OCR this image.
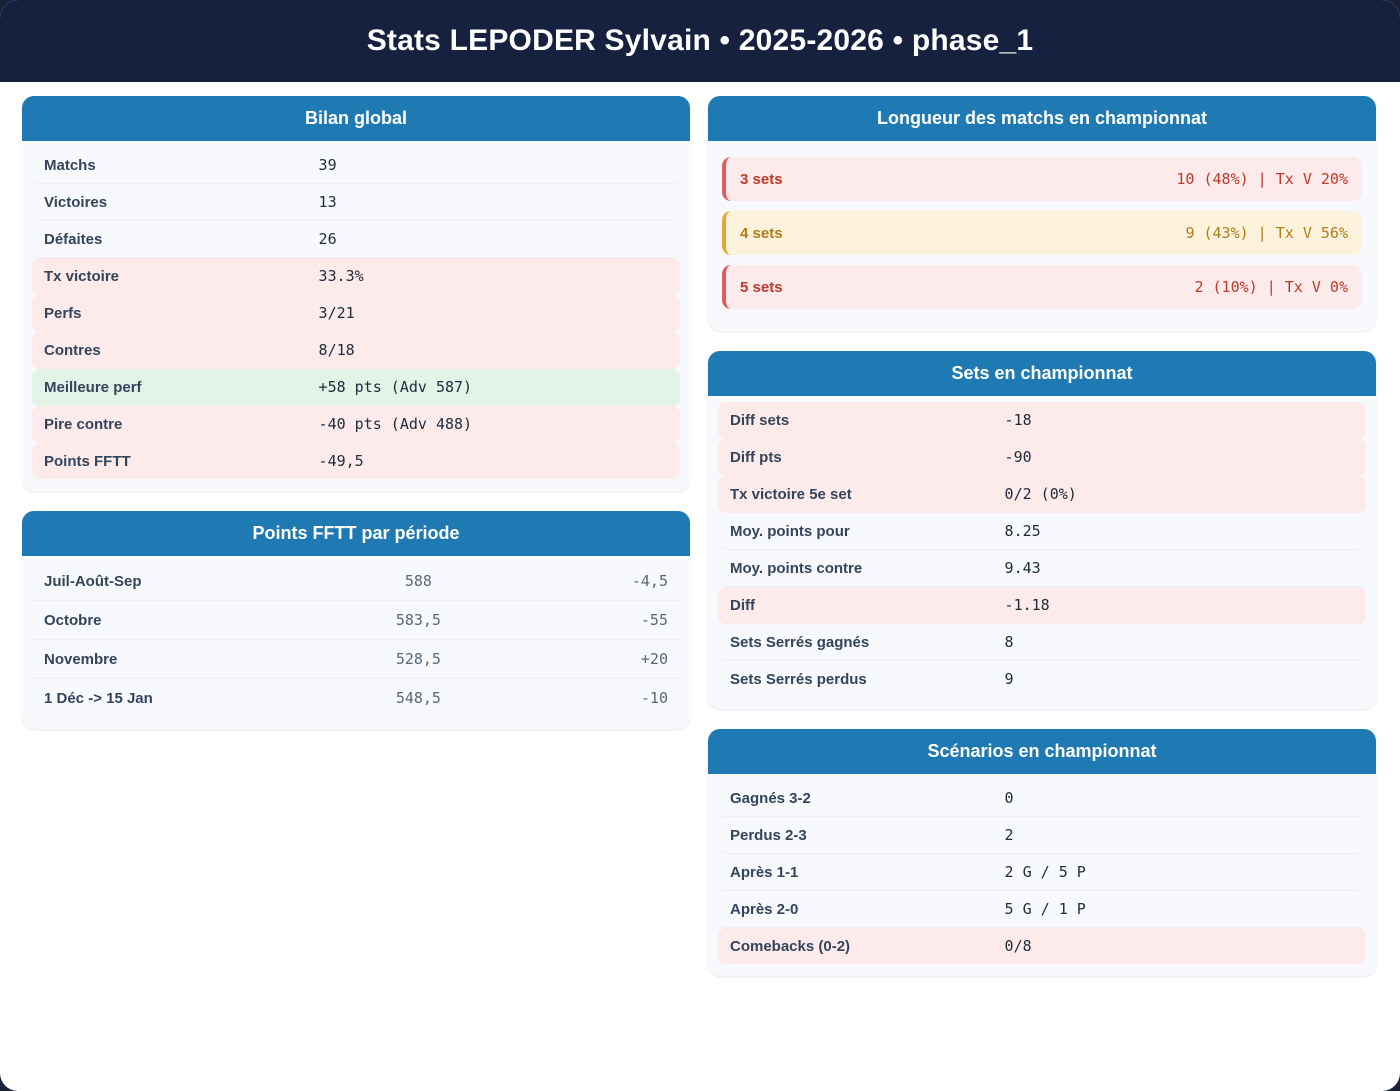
Stats LEPODER Sylvain • 2025-2026 • phase_1
Bilan global
Matchs	39
Victoires	13
Défaites	26
Tx victoire	33.3%
Perfs	3/21
Contres	8/18
Meilleure perf	+58 pts (Adv 587)
Pire contre	-40 pts (Adv 488)
Points FFTT	-49,5
Points FFTT par période
Juil-Août-Sep	588	-4,5
Octobre	583,5	-55
Novembre	528,5	+20
1 Déc -> 15 Jan	548,5	-10
Longueur des matchs en championnat
3 sets	10 (48%) | Tx V 20%
4 sets	9 (43%) | Tx V 56%
5 sets	2 (10%) | Tx V 0%
Sets en championnat
Diff sets	-18
Diff pts	-90
Tx victoire 5e set	0/2 (0%)
Moy. points pour	8.25
Moy. points contre	9.43
Diff	-1.18
Sets Serrés gagnés	8
Sets Serrés perdus	9
Scénarios en championnat
Gagnés 3-2	0
Perdus 2-3	2
Après 1-1	2 G / 5 P
Après 2-0	5 G / 1 P
Comebacks (0-2)	0/8
